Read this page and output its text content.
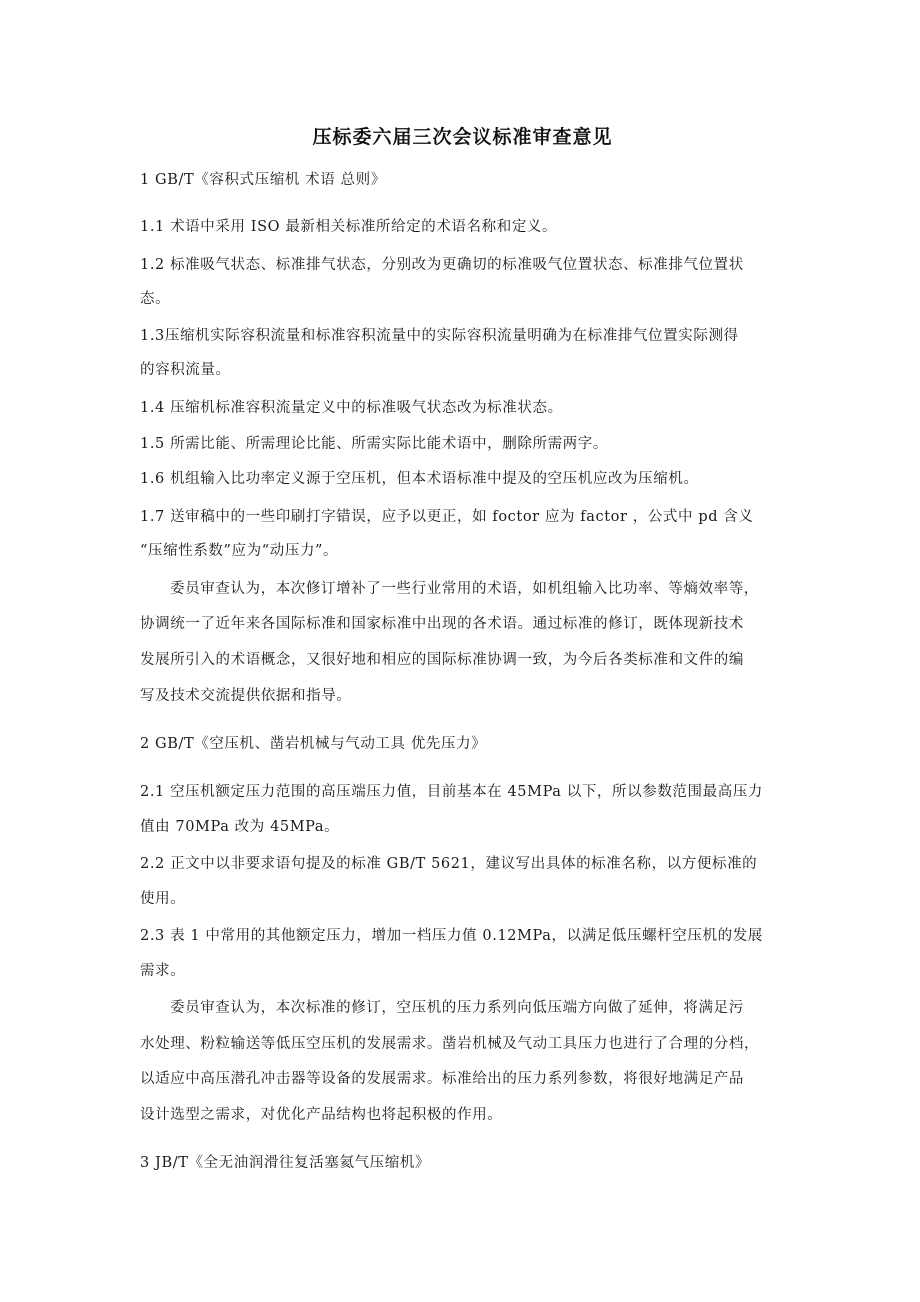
压标委六届三次会议标准审查意见
1 GB/T《容积式压缩机 术语 总则》
1.1 术语中采用 ISO 最新相关标准所给定的术语名称和定义。
1.2 标准吸气状态、标准排气状态，分别改为更确切的标准吸气位置状态、标准排气位置状
态。
1.3压缩机实际容积流量和标准容积流量中的实际容积流量明确为在标准排气位置实际测得
的容积流量。
1.4 压缩机标准容积流量定义中的标准吸气状态改为标准状态。
1.5 所需比能、所需理论比能、所需实际比能术语中，删除所需两字。
1.6 机组输入比功率定义源于空压机，但本术语标准中提及的空压机应改为压缩机。
1.7 送审稿中的一些印刷打字错误，应予以更正，如 foctor 应为 factor ，公式中 pd 含义
“压缩性系数”应为“动压力”。
委员审查认为，本次修订增补了一些行业常用的术语，如机组输入比功率、等熵效率等，
协调统一了近年来各国际标准和国家标准中出现的各术语。通过标准的修订，既体现新技术
发展所引入的术语概念，又很好地和相应的国际标准协调一致，为今后各类标准和文件的编
写及技术交流提供依据和指导。
2 GB/T《空压机、凿岩机械与气动工具 优先压力》
2.1 空压机额定压力范围的高压端压力值，目前基本在 45MPa 以下，所以参数范围最高压力
值由 70MPa 改为 45MPa。
2.2 正文中以非要求语句提及的标准 GB/T 5621，建议写出具体的标准名称，以方便标准的
使用。
2.3 表 1 中常用的其他额定压力，增加一档压力值 0.12MPa，以满足低压螺杆空压机的发展
需求。
委员审查认为，本次标准的修订，空压机的压力系列向低压端方向做了延伸，将满足污
水处理、粉粒输送等低压空压机的发展需求。凿岩机械及气动工具压力也进行了合理的分档，
以适应中高压潜孔冲击器等设备的发展需求。标准给出的压力系列参数，将很好地满足产品
设计选型之需求，对优化产品结构也将起积极的作用。
3 JB/T《全无油润滑往复活塞氦气压缩机》
